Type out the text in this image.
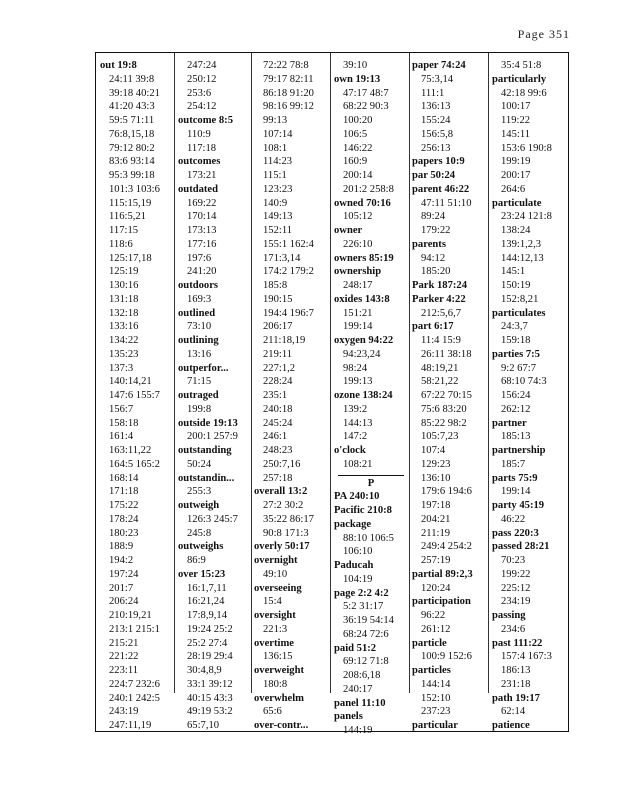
Page 351
out 19:8
24:11 39:8
39:18 40:21
41:20 43:3
59:5 71:11
76:8,15,18
79:12 80:2
83:6 93:14
95:3 99:18
101:3 103:6
115:15,19
116:5,21
117:15
118:6
125:17,18
125:19
130:16
131:18
132:18
133:16
134:22
135:23
137:3
140:14,21
147:6 155:7
156:7
158:18
161:4
163:11,22
164:5 165:2
168:14
171:18
175:22
178:24
180:23
188:9
194:2
197:24
201:7
206:24
210:19,21
213:1 215:1
215:21
221:22
223:11
224:7 232:6
240:1 242:5
243:19
247:11,19
247:24
250:12
253:6
254:12
outcome 8:5
110:9
117:18
outcomes
173:21
outdated
169:22
170:14
173:13
177:16
197:6
241:20
outdoors
169:3
outlined
73:10
outlining
13:16
outperfor...
71:15
outraged
199:8
outside 19:13
200:1 257:9
outstanding
50:24
outstandin...
255:3
outweigh
126:3 245:7
245:8
outweighs
86:9
over 15:23
16:1,7,11
16:21,24
17:8,9,14
19:24 25:2
25:2 27:4
28:19 29:4
30:4,8,9
33:1 39:12
40:15 43:3
49:19 53:2
65:7,10
72:22 78:8
79:17 82:11
86:18 91:20
98:16 99:12
99:13
107:14
108:1
114:23
115:1
123:23
140:9
149:13
152:11
155:1 162:4
171:3,14
174:2 179:2
185:8
190:15
194:4 196:7
206:17
211:18,19
219:11
227:1,2
228:24
235:1
240:18
245:24
246:1
248:23
250:7,16
257:18
overall 13:2
27:2 30:2
35:22 86:17
90:8 171:3
overly 50:17
overnight
49:10
overseeing
15:4
oversight
221:3
overtime
136:15
overweight
180:8
overwhelm
65:6
over-contr...
39:10
own 19:13
47:17 48:7
68:22 90:3
100:20
106:5
146:22
160:9
200:14
201:2 258:8
owned 70:16
105:12
owner
226:10
owners 85:19
ownership
248:17
oxides 143:8
151:21
199:14
oxygen 94:22
94:23,24
98:24
199:13
ozone 138:24
139:2
144:13
147:2
o'clock
108:21
P
PA 240:10
Pacific 210:8
package
88:10 106:5
106:10
Paducah
104:19
page 2:2 4:2
5:2 31:17
36:19 54:14
68:24 72:6
paid 51:2
69:12 71:8
208:6,18
240:17
panel 11:10
panels
144:19
paper 74:24
75:3,14
111:1
136:13
155:24
156:5,8
256:13
papers 10:9
par 50:24
parent 46:22
47:11 51:10
89:24
179:22
parents
94:12
185:20
Park 187:24
Parker 4:22
212:5,6,7
part 6:17
11:4 15:9
26:11 38:18
48:19,21
58:21,22
67:22 70:15
75:6 83:20
85:22 98:2
105:7,23
107:4
129:23
136:10
179:6 194:6
197:18
204:21
211:19
249:4 254:2
257:19
partial 89:2,3
120:24
participation
96:22
261:12
particle
100:9 152:6
particles
144:14
152:10
237:23
particular
35:4 51:8
particularly
42:18 99:6
100:17
119:22
145:11
153:6 190:8
199:19
200:17
264:6
particulate
23:24 121:8
138:24
139:1,2,3
144:12,13
145:1
150:19
152:8,21
particulates
24:3,7
159:18
parties 7:5
9:2 67:7
68:10 74:3
156:24
262:12
partner
185:13
partnership
185:7
parts 75:9
199:14
party 45:19
46:22
pass 220:3
passed 28:21
70:23
199:22
225:12
234:19
passing
234:6
past 111:22
157:4 167:3
186:13
231:18
path 19:17
62:14
patience
